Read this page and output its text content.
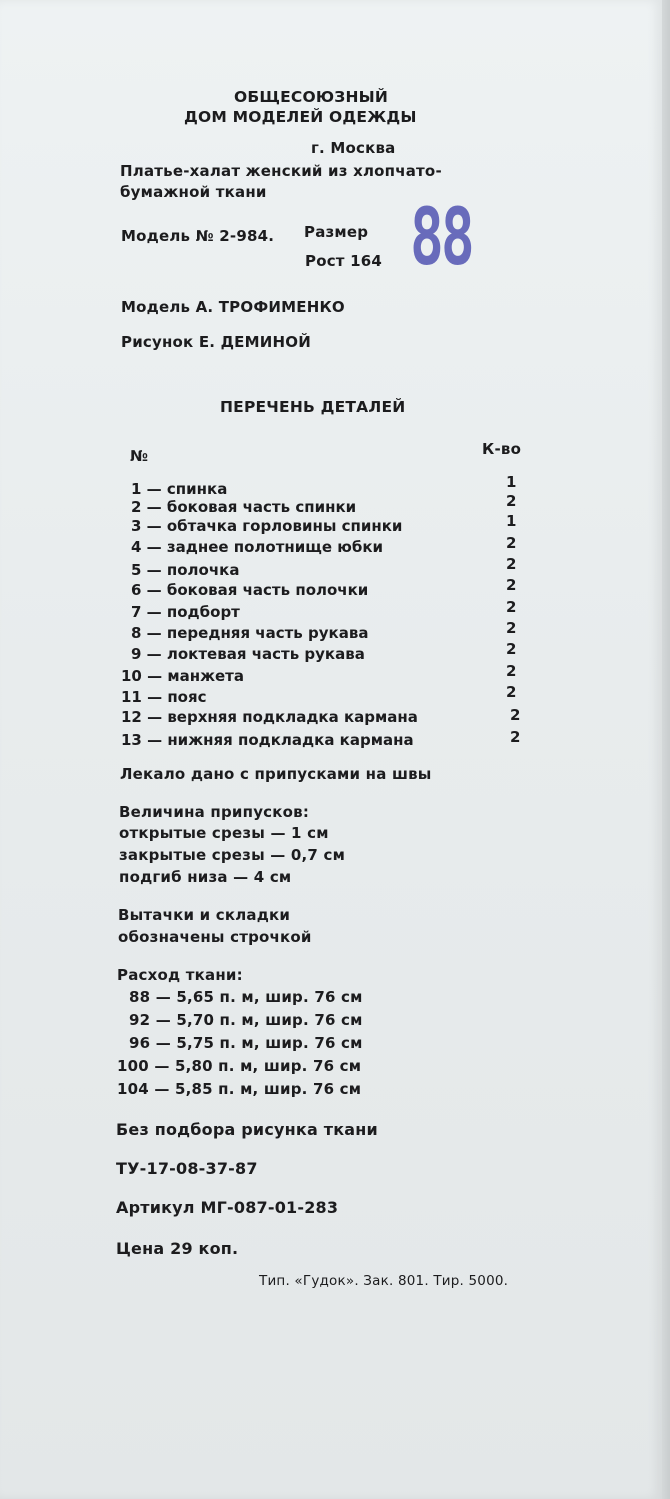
ОБЩЕСОЮЗНЫЙ
ДОМ МОДЕЛЕЙ ОДЕЖДЫ
г. Москва
Платье-халат женский из хлопчато-
бумажной ткани
Модель № 2-984. Размер
Рост 164 88
Модель А. ТРОФИМЕНКО
Рисунок Е. ДЕМИНОЙ
ПЕРЕЧЕНЬ ДЕТАЛЕЙ
№	К-во
1 — спинка	1
2 — боковая часть спинки	2
3 — обтачка горловины спинки	1
4 — заднее полотнище юбки	2
5 — полочка	2
6 — боковая часть полочки	2
7 — подборт	2
8 — передняя часть рукава	2
9 — локтевая часть рукава	2
10 — манжета	2
11 — пояс	2
12 — верхняя подкладка кармана	2
13 — нижняя подкладка кармана	2
Лекало дано с припусками на швы
Величина припусков:
открытые срезы — 1 см
закрытые срезы — 0,7 см
подгиб низа — 4 см
Вытачки и складки
обозначены строчкой
Расход ткани:
88 — 5,65 п. м, шир. 76 см
92 — 5,70 п. м, шир. 76 см
96 — 5,75 п. м, шир. 76 см
100 — 5,80 п. м, шир. 76 см
104 — 5,85 п. м, шир. 76 см
Без подбора рисунка ткани
ТУ-17-08-37-87
Артикул МГ-087-01-283
Цена 29 коп.
Тип. «Гудок». Зак. 801. Тир. 5000.
